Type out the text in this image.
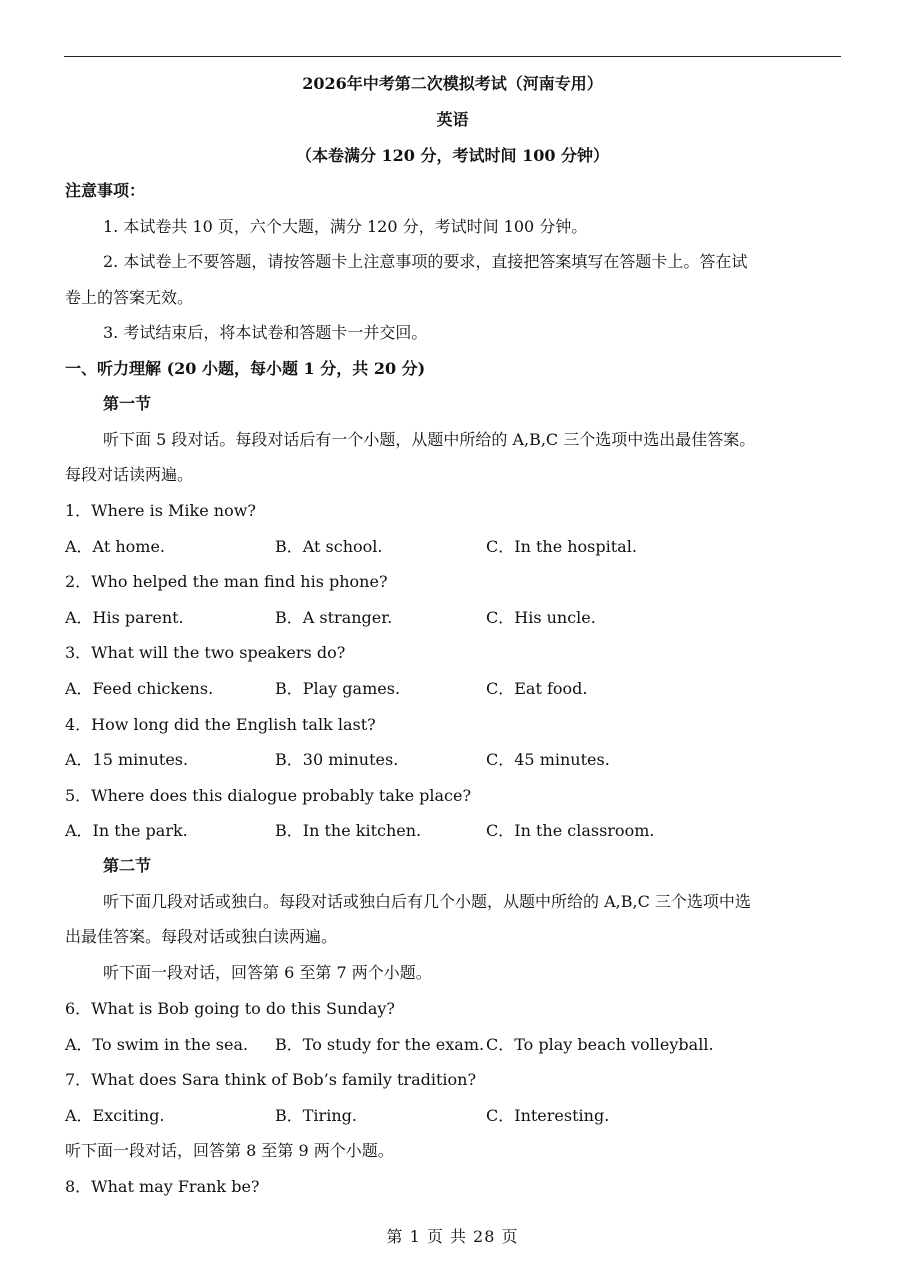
2026年中考第二次模拟考试（河南专用）
英语
（本卷满分 120 分，考试时间 100 分钟）
注意事项：
1. 本试卷共 10 页，六个大题，满分 120 分，考试时间 100 分钟。
2. 本试卷上不要答题，请按答题卡上注意事项的要求，直接把答案填写在答题卡上。答在试
卷上的答案无效。
3. 考试结束后，将本试卷和答题卡一并交回。
一、听力理解 (20 小题，每小题 1 分，共 20 分)
第一节
听下面 5 段对话。每段对话后有一个小题，从题中所给的 A,B,C 三个选项中选出最佳答案。
每段对话读两遍。
1．Where is Mike now?
A．At home.	B．At school.	C．In the hospital.
2．Who helped the man find his phone?
A．His parent.	B．A stranger.	C．His uncle.
3．What will the two speakers do?
A．Feed chickens.	B．Play games.	C．Eat food.
4．How long did the English talk last?
A．15 minutes.	B．30 minutes.	C．45 minutes.
5．Where does this dialogue probably take place?
A．In the park.	B．In the kitchen.	C．In the classroom.
第二节
听下面几段对话或独白。每段对话或独白后有几个小题，从题中所给的 A,B,C 三个选项中选
出最佳答案。每段对话或独白读两遍。
听下面一段对话，回答第 6 至第 7 两个小题。
6．What is Bob going to do this Sunday?
A．To swim in the sea. B．To study for the exam. C．To play beach volleyball.
7．What does Sara think of Bob’s family tradition?
A．Exciting.	B．Tiring.	C．Interesting.
听下面一段对话，回答第 8 至第 9 两个小题。
8．What may Frank be?
第 1 页 共 28 页
